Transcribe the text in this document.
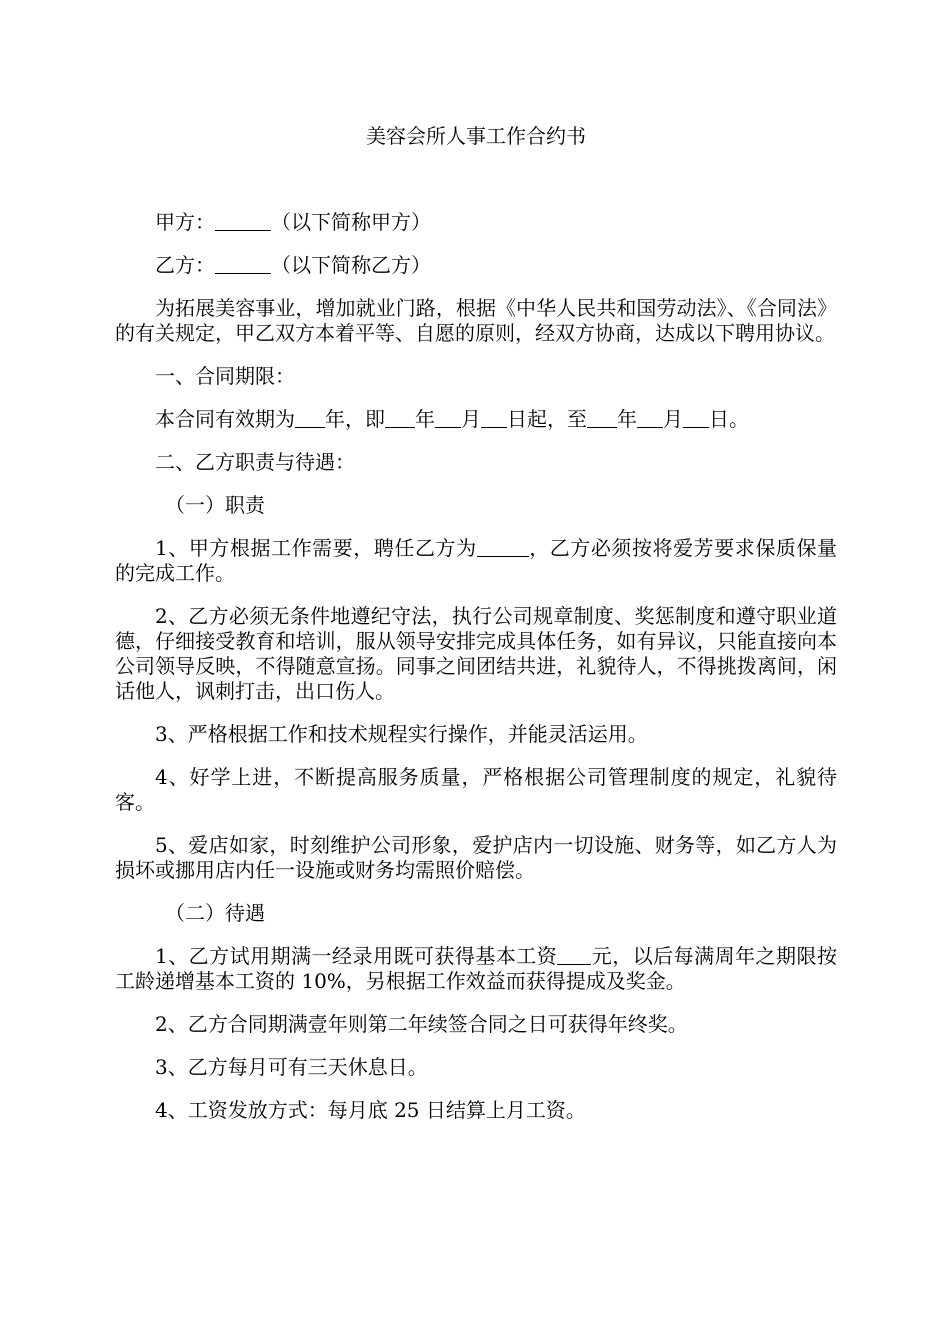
美容会所人事工作合约书

甲方：	（以下简称甲方）

乙方：	（以下简称乙方）

为拓展美容事业，增加就业门路，根据《中华人民共和国劳动法》、《合同法》的有关规定，甲乙双方本着平等、自愿的原则，经双方协商，达成以下聘用协议。

一、合同期限：

本合同有效期为 年，即 年 月 日起，至 年 月 日。

二、乙方职责与待遇：

（一）职责

1、甲方根据工作需要，聘任乙方为	，乙方必须按将爱芳要求保质保量的完成工作。

2、乙方必须无条件地遵纪守法，执行公司规章制度、奖惩制度和遵守职业道德，仔细接受教育和培训，服从领导安排完成具体任务，如有异议，只能直接向本公司领导反映，不得随意宣扬。同事之间团结共进，礼貌待人，不得挑拨离间，闲话他人，讽刺打击，出口伤人。

3、严格根据工作和技术规程实行操作，并能灵活运用。

4、好学上进，不断提高服务质量，严格根据公司管理制度的规定，礼貌待客。

5、爱店如家，时刻维护公司形象，爱护店内一切设施、财务等，如乙方人为损坏或挪用店内任一设施或财务均需照价赔偿。

（二）待遇

1、乙方试用期满一经录用既可获得基本工资 元，以后每满周年之期限按工龄递增基本工资的 10%，另根据工作效益而获得提成及奖金。

2、乙方合同期满壹年则第二年续签合同之日可获得年终奖。

3、乙方每月可有三天休息日。

4、工资发放方式：每月底 25 日结算上月工资。
